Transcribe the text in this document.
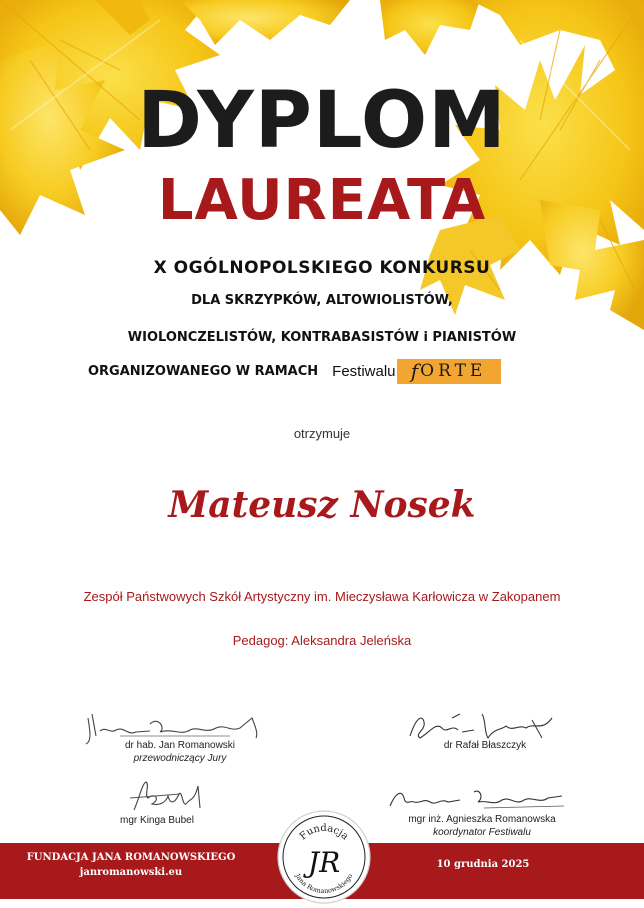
DYPLOM
LAUREATA
X OGÓLNOPOLSKIEGO KONKURSU
DLA SKRZYPKÓW, ALTOWIOLISTÓW,
WIOLONCZELISTÓW, KONTRABASISTÓW i PIANISTÓW
ORGANIZOWANEGO W RAMACH Festiwalu f ORTE
otrzymuje
Mateusz Nosek
Zespół Państwowych Szkół Artystyczny im. Mieczysława Karłowicza w Zakopanem
Pedagog: Aleksandra Jeleńska
dr hab. Jan Romanowski
przewodniczący Jury
dr Rafał Błaszczyk
mgr Kinga Bubel	mgr inż. Agnieszka Romanowska
koordynator Festiwalu
FUNDACJA JANA ROMANOWSKIEGO
janromanowski.eu
10 grudnia 2025
Fundacja
JR
Jana Romanowskiego
